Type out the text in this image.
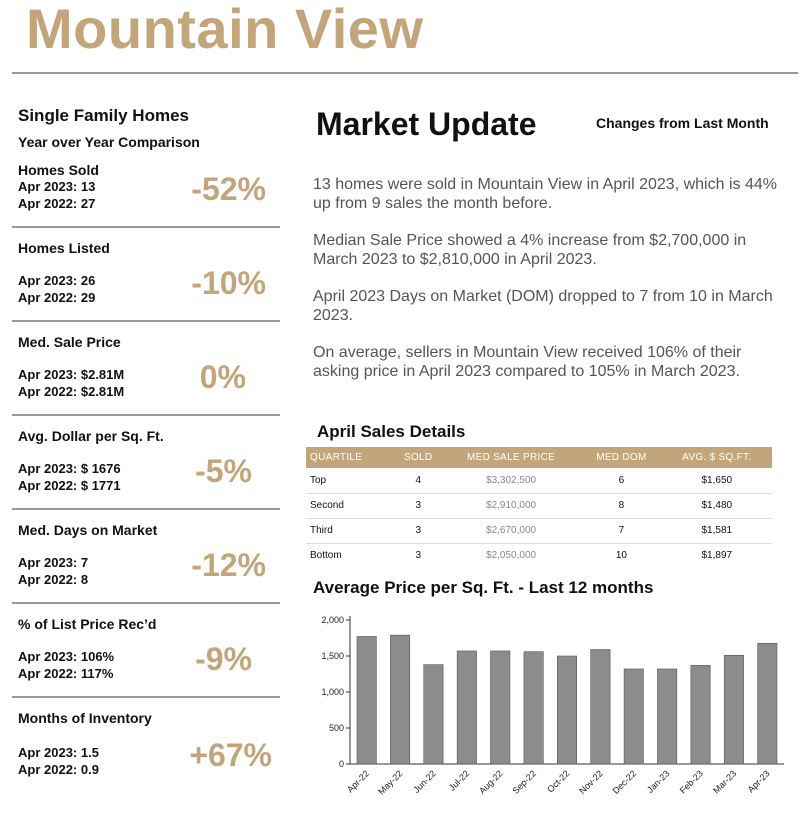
Mountain View
Single Family Homes
Year over Year Comparison
Homes Sold
Apr 2023: 13
Apr 2022: 27	-52%
Homes Listed
Apr 2023: 26
Apr 2022: 29	-10%
Med. Sale Price
Apr 2023: $2.81M
Apr 2022: $2.81M 0%
Avg. Dollar per Sq. Ft.
Apr 2023: $ 1676
Apr 2022: $ 1771 -5%
Med. Days on Market
Apr 2023: 7
Apr 2022: 8	-12%
% of List Price Rec’d
Apr 2023: 106%
Apr 2022: 117%	-9%
Months of Inventory
Apr 2023: 1.5
Apr 2022: 0.9	+67%
Market Update	Changes from Last Month

13 homes were sold in Mountain View in April 2023, which is 44% up from 9 sales the month before.

Median Sale Price showed a 4% increase from $2,700,000 in March 2023 to $2,810,000 in April 2023.

April 2023 Days on Market (DOM) dropped to 7 from 10 in March 2023.

On average, sellers in Mountain View received 106% of their asking price in April 2023 compared to 105% in March 2023.

April Sales Details
QUARTILE	SOLD	MED SALE PRICE	MED DOM	AVG. $ SQ.FT.
Top	4	$3,302,500	6	$1,650
Second	3	$2,910,000	8	$1,480
Third	3	$2,670,000	7	$1,581
Bottom	3	$2,050,000	10	$1,897
Average Price per Sq. Ft. - Last 12 months
0
500
1,000
1,500
2,000
Apr-22 May-22 Jun-22 Jul-22 Aug-22 Sep-22 Oct-22 Nov-22 Dec-22 Jan-23 Feb-23 Mar-23 Apr-23
